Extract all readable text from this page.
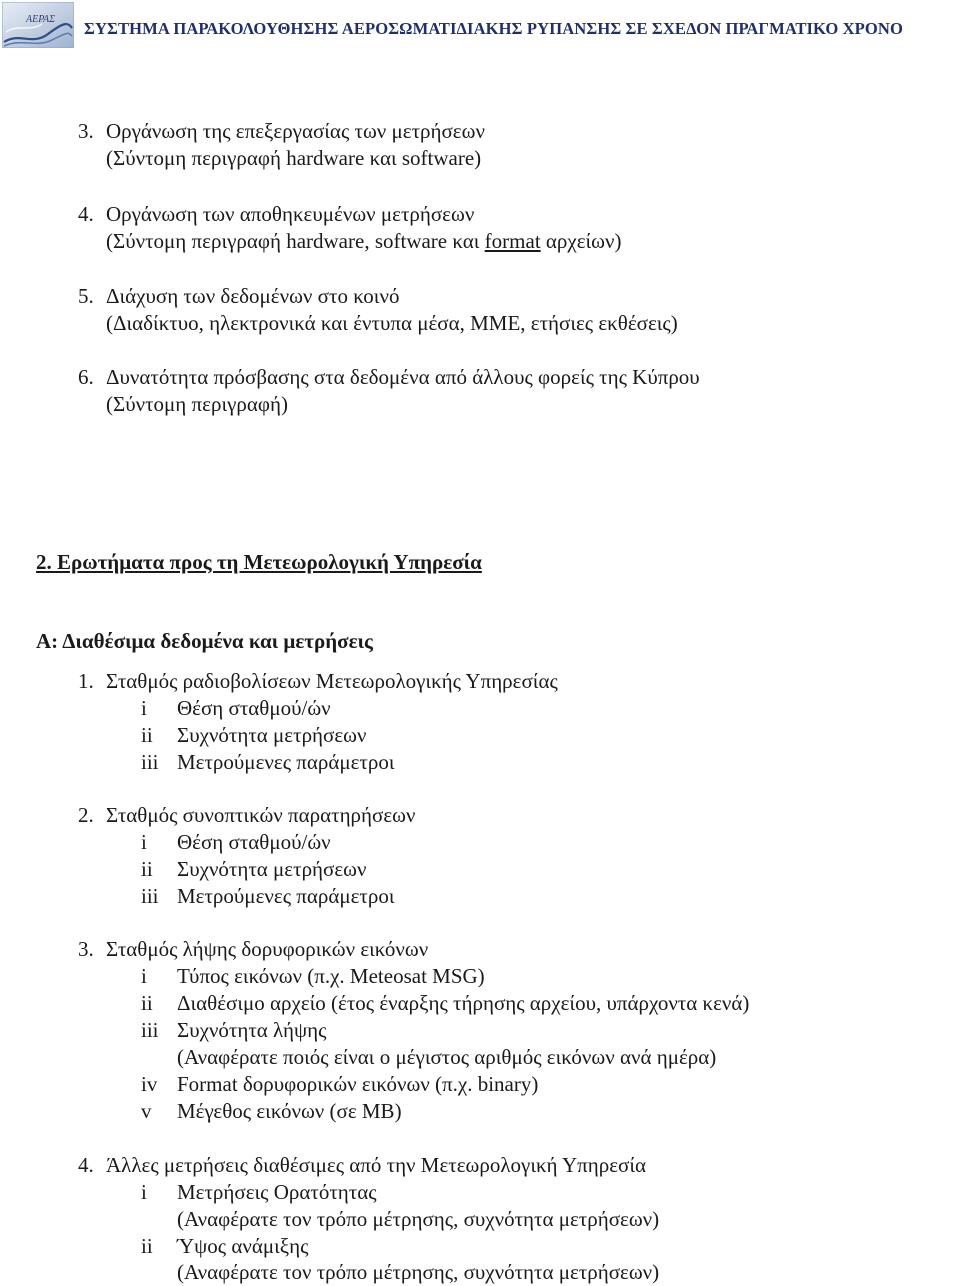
ΑΕΡΑΣ ΣΥΣΤΗΜΑ ΠΑΡΑΚΟΛΟΥΘΗΣΗΣ ΑΕΡΟΣΩΜΑΤΙΔΙΑΚΗΣ ΡΥΠΑΝΣΗΣ ΣΕ ΣΧΕΔΟΝ ΠΡΑΓΜΑΤΙΚΟ ΧΡΟΝΟ
3. Οργάνωση της επεξεργασίας των μετρήσεων
(Σύντομη περιγραφή hardware και software)
4. Οργάνωση των αποθηκευμένων μετρήσεων
(Σύντομη περιγραφή hardware, software και format αρχείων)
5. Διάχυση των δεδομένων στο κοινό
(Διαδίκτυο, ηλεκτρονικά και έντυπα μέσα, ΜΜΕ, ετήσιες εκθέσεις)
6. Δυνατότητα πρόσβασης στα δεδομένα από άλλους φορείς της Κύπρου
(Σύντομη περιγραφή)
2. Ερωτήματα προς τη Μετεωρολογική Υπηρεσία
Α: Διαθέσιμα δεδομένα και μετρήσεις
1. Σταθμός ραδιοβολίσεων Μετεωρολογικής Υπηρεσίας
i Θέση σταθμού/ών
ii Συχνότητα μετρήσεων
iii Μετρούμενες παράμετροι
2. Σταθμός συνοπτικών παρατηρήσεων
i Θέση σταθμού/ών
ii Συχνότητα μετρήσεων
iii Μετρούμενες παράμετροι
3. Σταθμός λήψης δορυφορικών εικόνων
i Τύπος εικόνων (π.χ. Meteosat MSG)
ii Διαθέσιμο αρχείο (έτος έναρξης τήρησης αρχείου, υπάρχοντα κενά)
iii Συχνότητα λήψης
(Αναφέρατε ποιός είναι ο μέγιστος αριθμός εικόνων ανά ημέρα)
iv Format δορυφορικών εικόνων (π.χ. binary)
v Μέγεθος εικόνων (σε MB)
4. Άλλες μετρήσεις διαθέσιμες από την Μετεωρολογική Υπηρεσία
i Μετρήσεις Ορατότητας
(Αναφέρατε τον τρόπο μέτρησης, συχνότητα μετρήσεων)
ii Ύψος ανάμιξης
(Αναφέρατε τον τρόπο μέτρησης, συχνότητα μετρήσεων)
